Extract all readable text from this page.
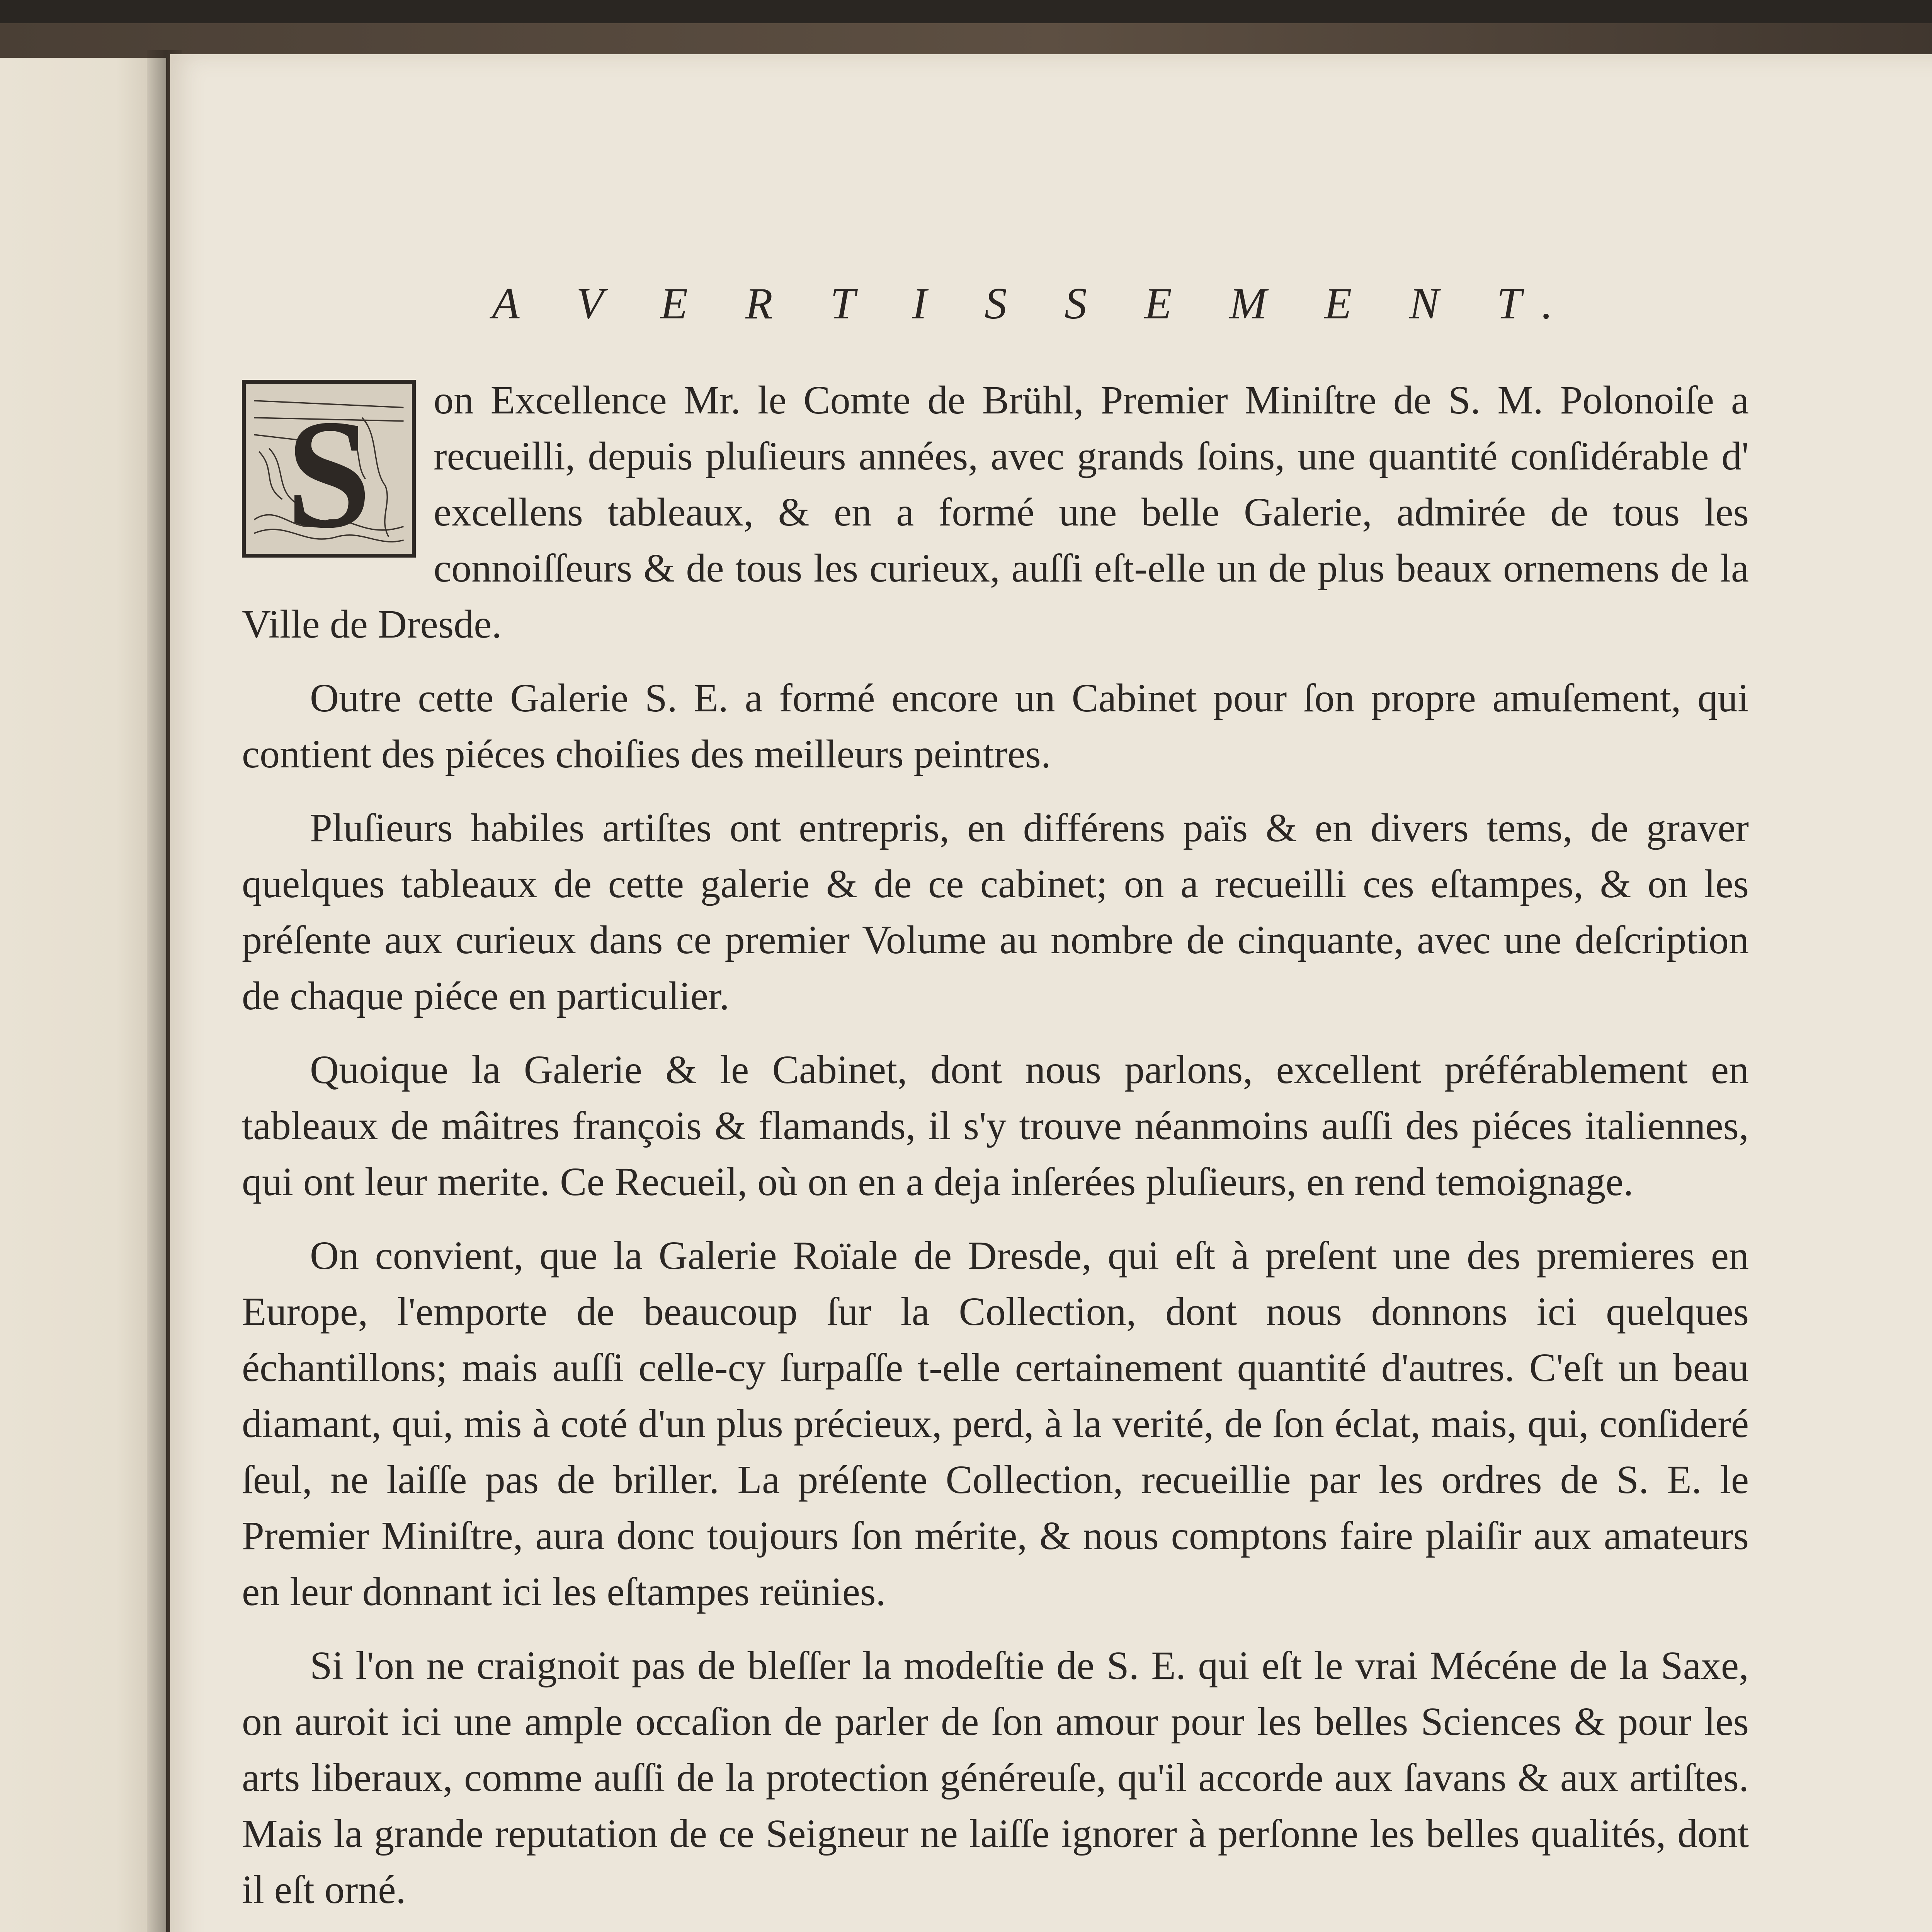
A V E R T I S S E M E N T.

S on Excellence Mr. le Comte de Brühl, Premier Miniſtre de S. M. Polonoiſe a recueilli, depuis pluſieurs années, avec grands ſoins, une quantité conſidérable d' excellens tableaux, & en a formé une belle Galerie, admirée de tous les connoiſſeurs & de tous les curieux, auſſi eſt-elle un de plus beaux ornemens de la Ville de Dresde.

Outre cette Galerie S. E. a formé encore un Cabinet pour ſon propre amuſement, qui contient des piéces choiſies des meilleurs peintres.

Pluſieurs habiles artiſtes ont entrepris, en différens païs & en divers tems, de graver quelques tableaux de cette galerie & de ce cabinet; on a recueilli ces eſtampes, & on les préſente aux curieux dans ce premier Volume au nombre de cinquante, avec une deſcription de chaque piéce en particulier.

Quoique la Galerie & le Cabinet, dont nous parlons, excellent préférablement en tableaux de mâitres françois & flamands, il s'y trouve néanmoins auſſi des piéces italiennes, qui ont leur merite. Ce Recueil, où on en a deja inſerées pluſieurs, en rend temoignage.

On convient, que la Galerie Roïale de Dresde, qui eſt à preſent une des premieres en Europe, l'emporte de beaucoup ſur la Collection, dont nous donnons ici quelques échantillons; mais auſſi celle-cy ſurpaſſe t-elle certainement quantité d'autres. C'eſt un beau diamant, qui, mis à coté d'un plus précieux, perd, à la verité, de ſon éclat, mais, qui, conſideré ſeul, ne laiſſe pas de briller. La préſente Collection, recueillie par les ordres de S. E. le Premier Miniſtre, aura donc toujours ſon mérite, & nous comptons faire plaiſir aux amateurs en leur donnant ici les eſtampes reünies.

Si l'on ne craignoit pas de bleſſer la modeſtie de S. E. qui eſt le vrai Mécéne de la Saxe, on auroit ici une ample occaſion de parler de ſon amour pour les belles Sciences & pour les arts liberaux, comme auſſi de la protection généreuſe, qu'il accorde aux ſavans & aux artiſtes. Mais la grande reputation de ce Seigneur ne laiſſe ignorer à perſonne les belles qualités, dont il eſt orné.
